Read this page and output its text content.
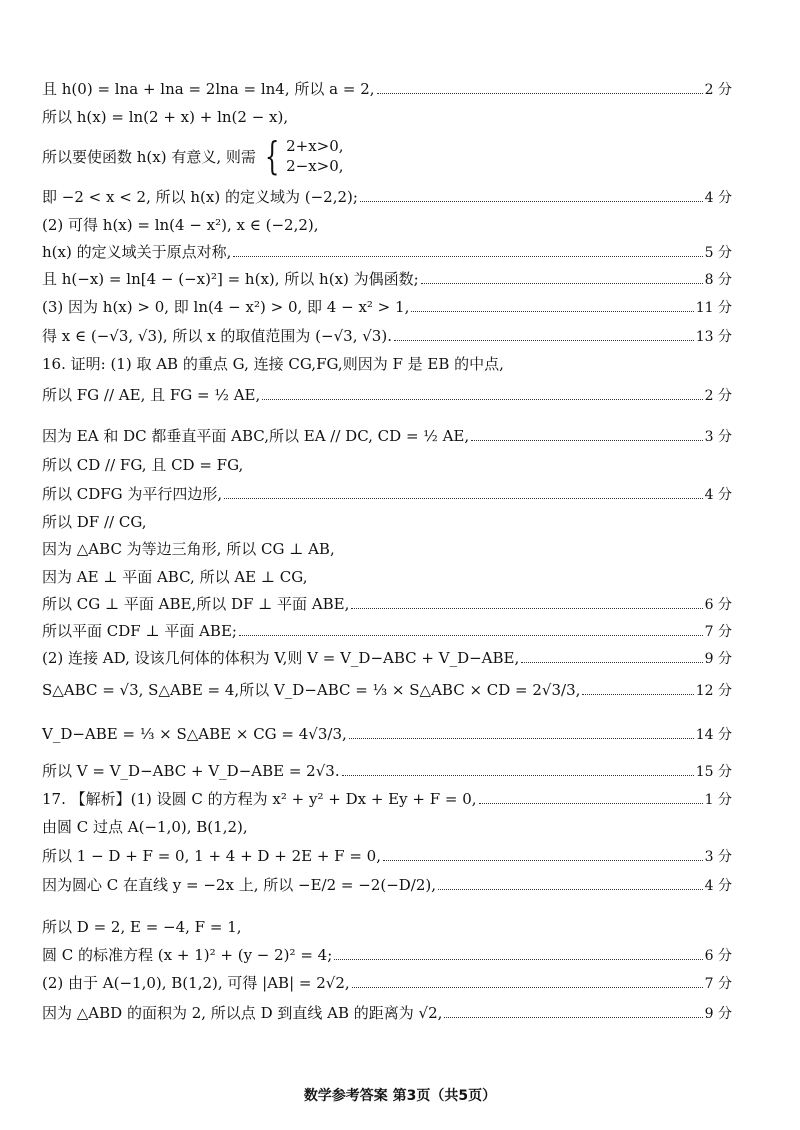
且 h(0) = lna + lna = 2lna = ln4, 所以 a = 2,	2 分
所以 h(x) = ln(2 + x) + ln(2 − x),
所以要使函数 h(x) 有意义, 则需 { 2+x>0,
2−x>0,
即 −2 < x < 2, 所以 h(x) 的定义域为 (−2,2);	4 分
(2) 可得 h(x) = ln(4 − x²), x ∈ (−2,2),
h(x) 的定义域关于原点对称,	5 分
且 h(−x) = ln[4 − (−x)²] = h(x), 所以 h(x) 为偶函数;	8 分
(3) 因为 h(x) > 0, 即 ln(4 − x²) > 0, 即 4 − x² > 1,	11 分
得 x ∈ (−√3, √3), 所以 x 的取值范围为 (−√3, √3).	13 分
16. 证明: (1) 取 AB 的重点 G, 连接 CG,FG,则因为 F 是 EB 的中点,
所以 FG // AE, 且 FG = ½ AE,	2 分
因为 EA 和 DC 都垂直平面 ABC,所以 EA // DC, CD = ½ AE,	3 分
所以 CD // FG, 且 CD = FG,
所以 CDFG 为平行四边形,	4 分
所以 DF // CG,
因为 △ABC 为等边三角形, 所以 CG ⊥ AB,
因为 AE ⊥ 平面 ABC, 所以 AE ⊥ CG,
所以 CG ⊥ 平面 ABE,所以 DF ⊥ 平面 ABE,	6 分
所以平面 CDF ⊥ 平面 ABE;	7 分
(2) 连接 AD, 设该几何体的体积为 V,则 V = V_D−ABC + V_D−ABE,	9 分
S△ABC = √3, S△ABE = 4,所以 V_D−ABC = ⅓ × S△ABC × CD = 2√3/3,	12 分
V_D−ABE = ⅓ × S△ABE × CG = 4√3/3,	14 分
所以 V = V_D−ABC + V_D−ABE = 2√3.	15 分
17. 【解析】(1) 设圆 C 的方程为 x² + y² + Dx + Ey + F = 0,	1 分
由圆 C 过点 A(−1,0), B(1,2),
所以 1 − D + F = 0, 1 + 4 + D + 2E + F = 0,	3 分
因为圆心 C 在直线 y = −2x 上, 所以 −E/2 = −2(−D/2),	4 分
所以 D = 2, E = −4, F = 1,
圆 C 的标准方程 (x + 1)² + (y − 2)² = 4;	6 分
(2) 由于 A(−1,0), B(1,2), 可得 |AB| = 2√2,	7 分
因为 △ABD 的面积为 2, 所以点 D 到直线 AB 的距离为 √2,	9 分
数学参考答案 第3页（共5页）
